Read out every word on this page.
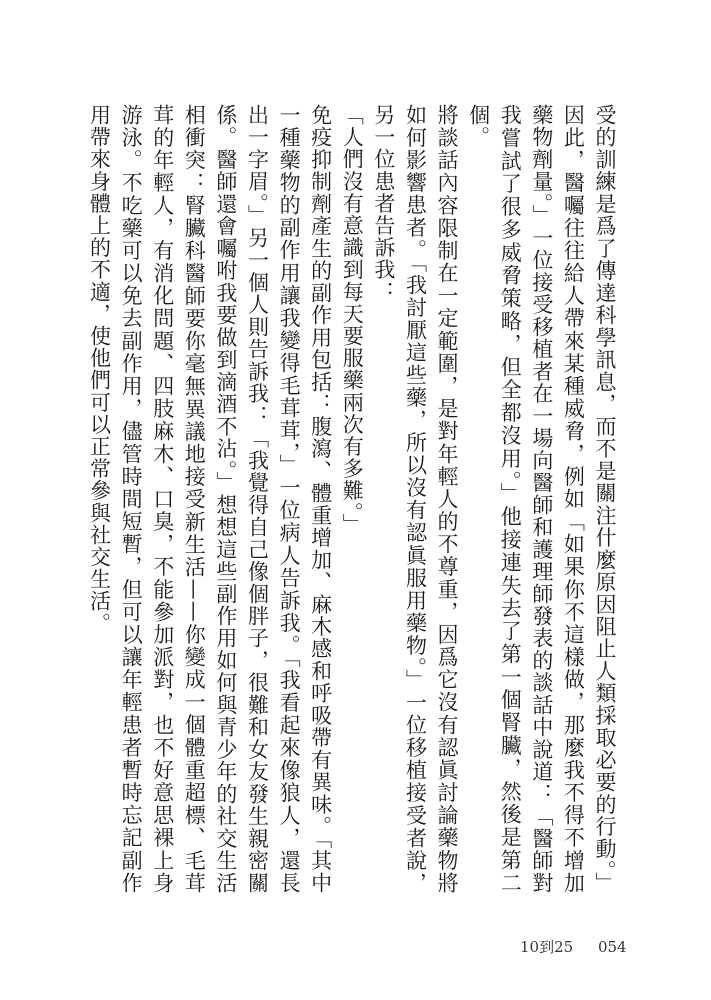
受的訓練是爲了傳達科學訊息，而不是關注什麼原因阻止人類採取必要的行動。」因此，醫囑往往給人帶來某種威脅，例如「如果你不這樣做，那麼我不得不增加藥物劑量。」一位接受移植者在一場向醫師和護理師發表的談話中說道：「醫師對我嘗試了很多威脅策略，但全都沒用。」他接連失去了第一個腎臟，然後是第二個。

將談話內容限制在一定範圍，是對年輕人的不尊重，因爲它沒有認眞討論藥物將如何影響患者。「我討厭這些藥，所以沒有認眞服用藥物。」一位移植接受者說，另一位患者告訴我：

「人們沒有意識到每天要服藥兩次有多難。」

免疫抑制劑產生的副作用包括：腹瀉、體重增加、麻木感和呼吸帶有異味。「其中一種藥物的副作用讓我變得毛茸茸，」一位病人告訴我。「我看起來像狼人，還長出一字眉。」另一個人則告訴我：「我覺得自己像個胖子，很難和女友發生親密關係。醫師還會囑咐我要做到滴酒不沾。」想想這些副作用如何與青少年的社交生活相衝突：腎臟科醫師要你毫無異議地接受新生活——你變成一個體重超標、毛茸茸的年輕人，有消化問題、四肢麻木、口臭，不能參加派對，也不好意思裸上身游泳。不吃藥可以免去副作用，儘管時間短暫，但可以讓年輕患者暫時忘記副作用帶來身體上的不適，使他們可以正常參與社交生活。

10到25 054
